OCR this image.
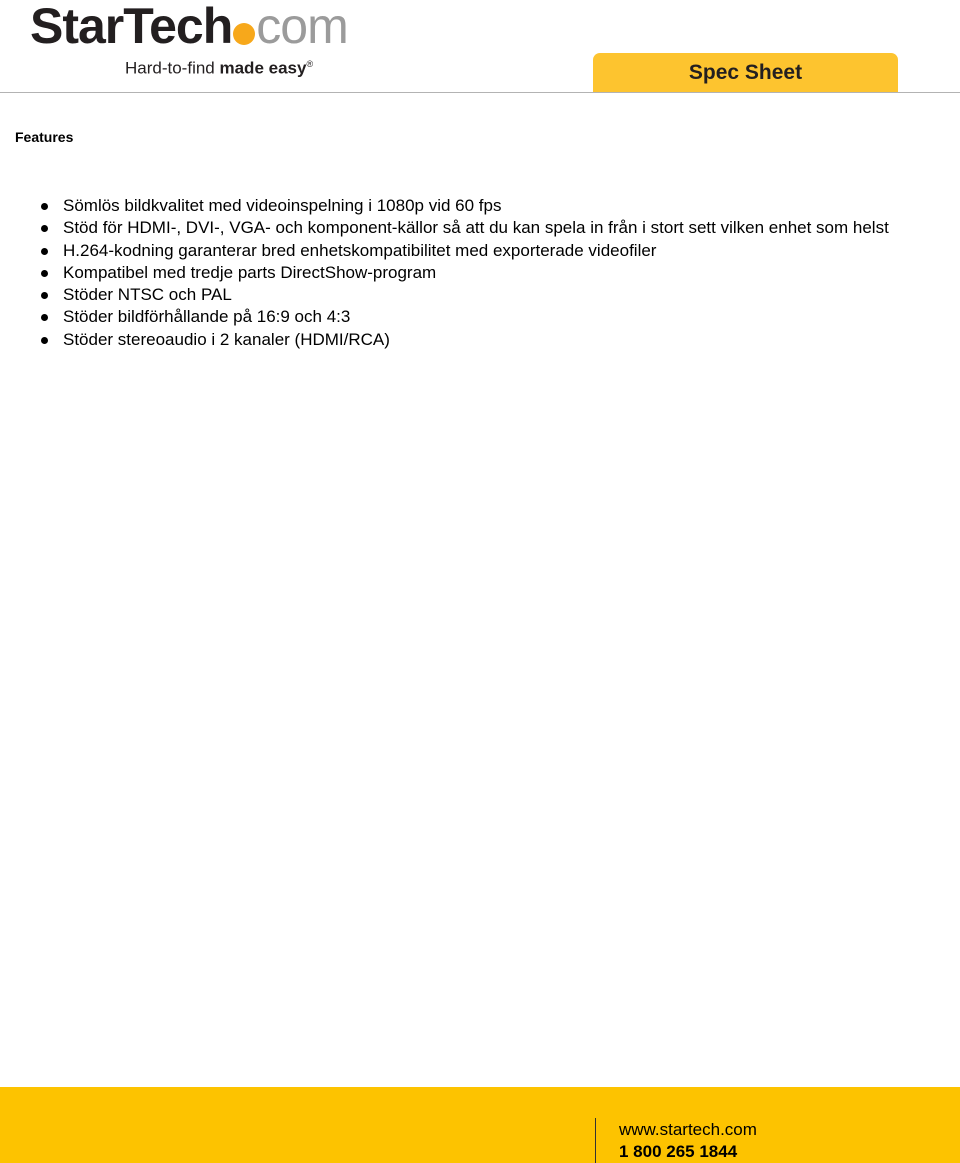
StarTech com
Hard-to-find made easy®	Spec Sheet
Features
Sömlös bildkvalitet med videoinspelning i 1080p vid 60 fps
Stöd för HDMI-, DVI-, VGA- och komponent-källor så att du kan spela in från i stort sett vilken enhet som helst
H.264-kodning garanterar bred enhetskompatibilitet med exporterade videofiler
Kompatibel med tredje parts DirectShow-program
Stöder NTSC och PAL
Stöder bildförhållande på 16:9 och 4:3
Stöder stereoaudio i 2 kanaler (HDMI/RCA)
www.startech.com
1 800 265 1844
